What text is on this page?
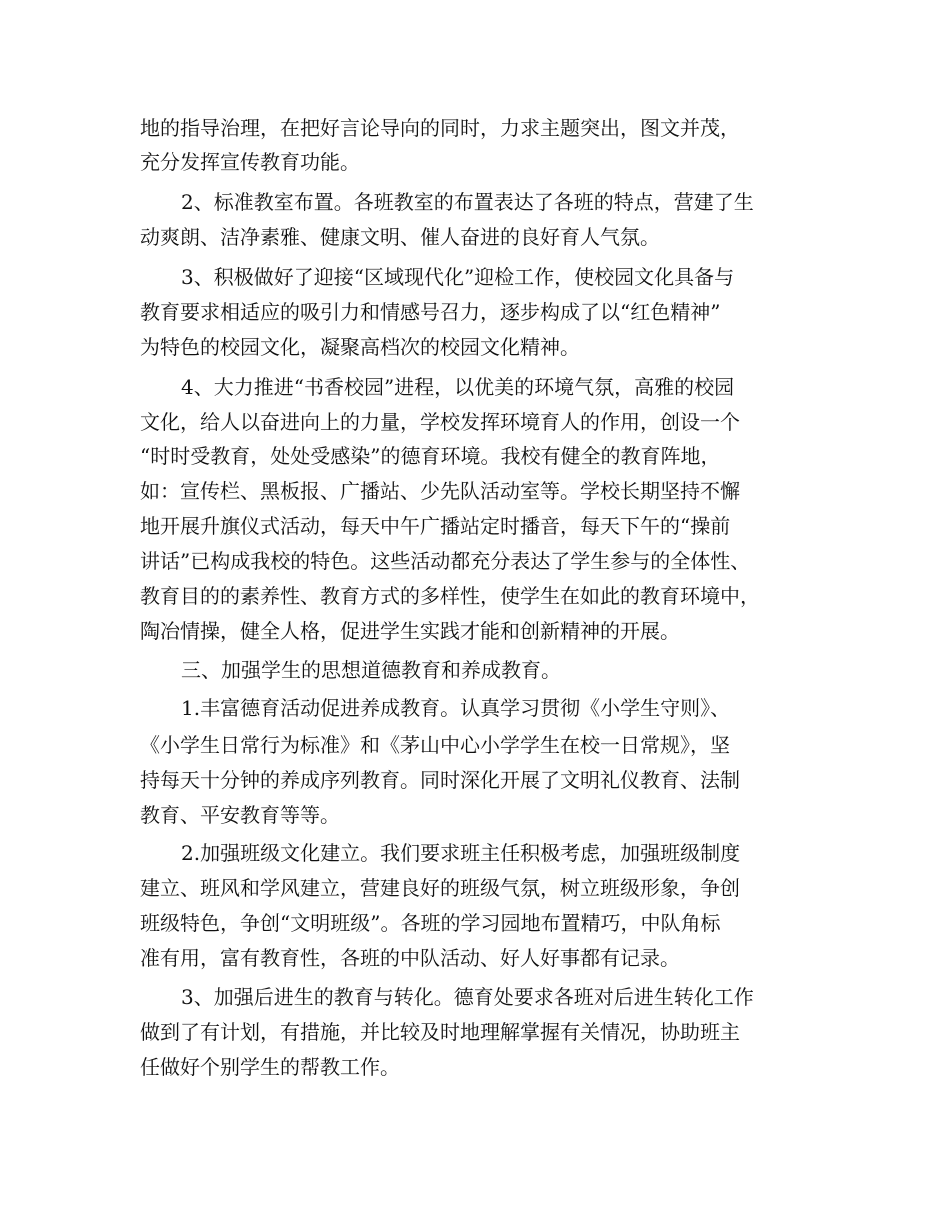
地的指导治理，在把好言论导向的同时，力求主题突出，图文并茂，

充分发挥宣传教育功能。

2、标准教室布置。各班教室的布置表达了各班的特点，营建了生

动爽朗、洁净素雅、健康文明、催人奋进的良好育人气氛。

3、积极做好了迎接“区域现代化”迎检工作，使校园文化具备与

教育要求相适应的吸引力和情感号召力，逐步构成了以“红色精神”

为特色的校园文化，凝聚高档次的校园文化精神。

4、大力推进“书香校园”进程，以优美的环境气氛，高雅的校园

文化，给人以奋进向上的力量，学校发挥环境育人的作用，创设一个

“时时受教育，处处受感染”的德育环境。我校有健全的教育阵地，

如：宣传栏、黑板报、广播站、少先队活动室等。学校长期坚持不懈

地开展升旗仪式活动，每天中午广播站定时播音，每天下午的“操前

讲话”已构成我校的特色。这些活动都充分表达了学生参与的全体性、

教育目的的素养性、教育方式的多样性，使学生在如此的教育环境中，

陶冶情操，健全人格，促进学生实践才能和创新精神的开展。

三、加强学生的思想道德教育和养成教育。

1.丰富德育活动促进养成教育。认真学习贯彻《小学生守则》、

《小学生日常行为标准》和《茅山中心小学学生在校一日常规》，坚

持每天十分钟的养成序列教育。同时深化开展了文明礼仪教育、法制

教育、平安教育等等。

2.加强班级文化建立。我们要求班主任积极考虑，加强班级制度

建立、班风和学风建立，营建良好的班级气氛，树立班级形象，争创

班级特色，争创“文明班级”。各班的学习园地布置精巧，中队角标

准有用，富有教育性，各班的中队活动、好人好事都有记录。

3、加强后进生的教育与转化。德育处要求各班对后进生转化工作

做到了有计划，有措施，并比较及时地理解掌握有关情况，协助班主

任做好个别学生的帮教工作。
